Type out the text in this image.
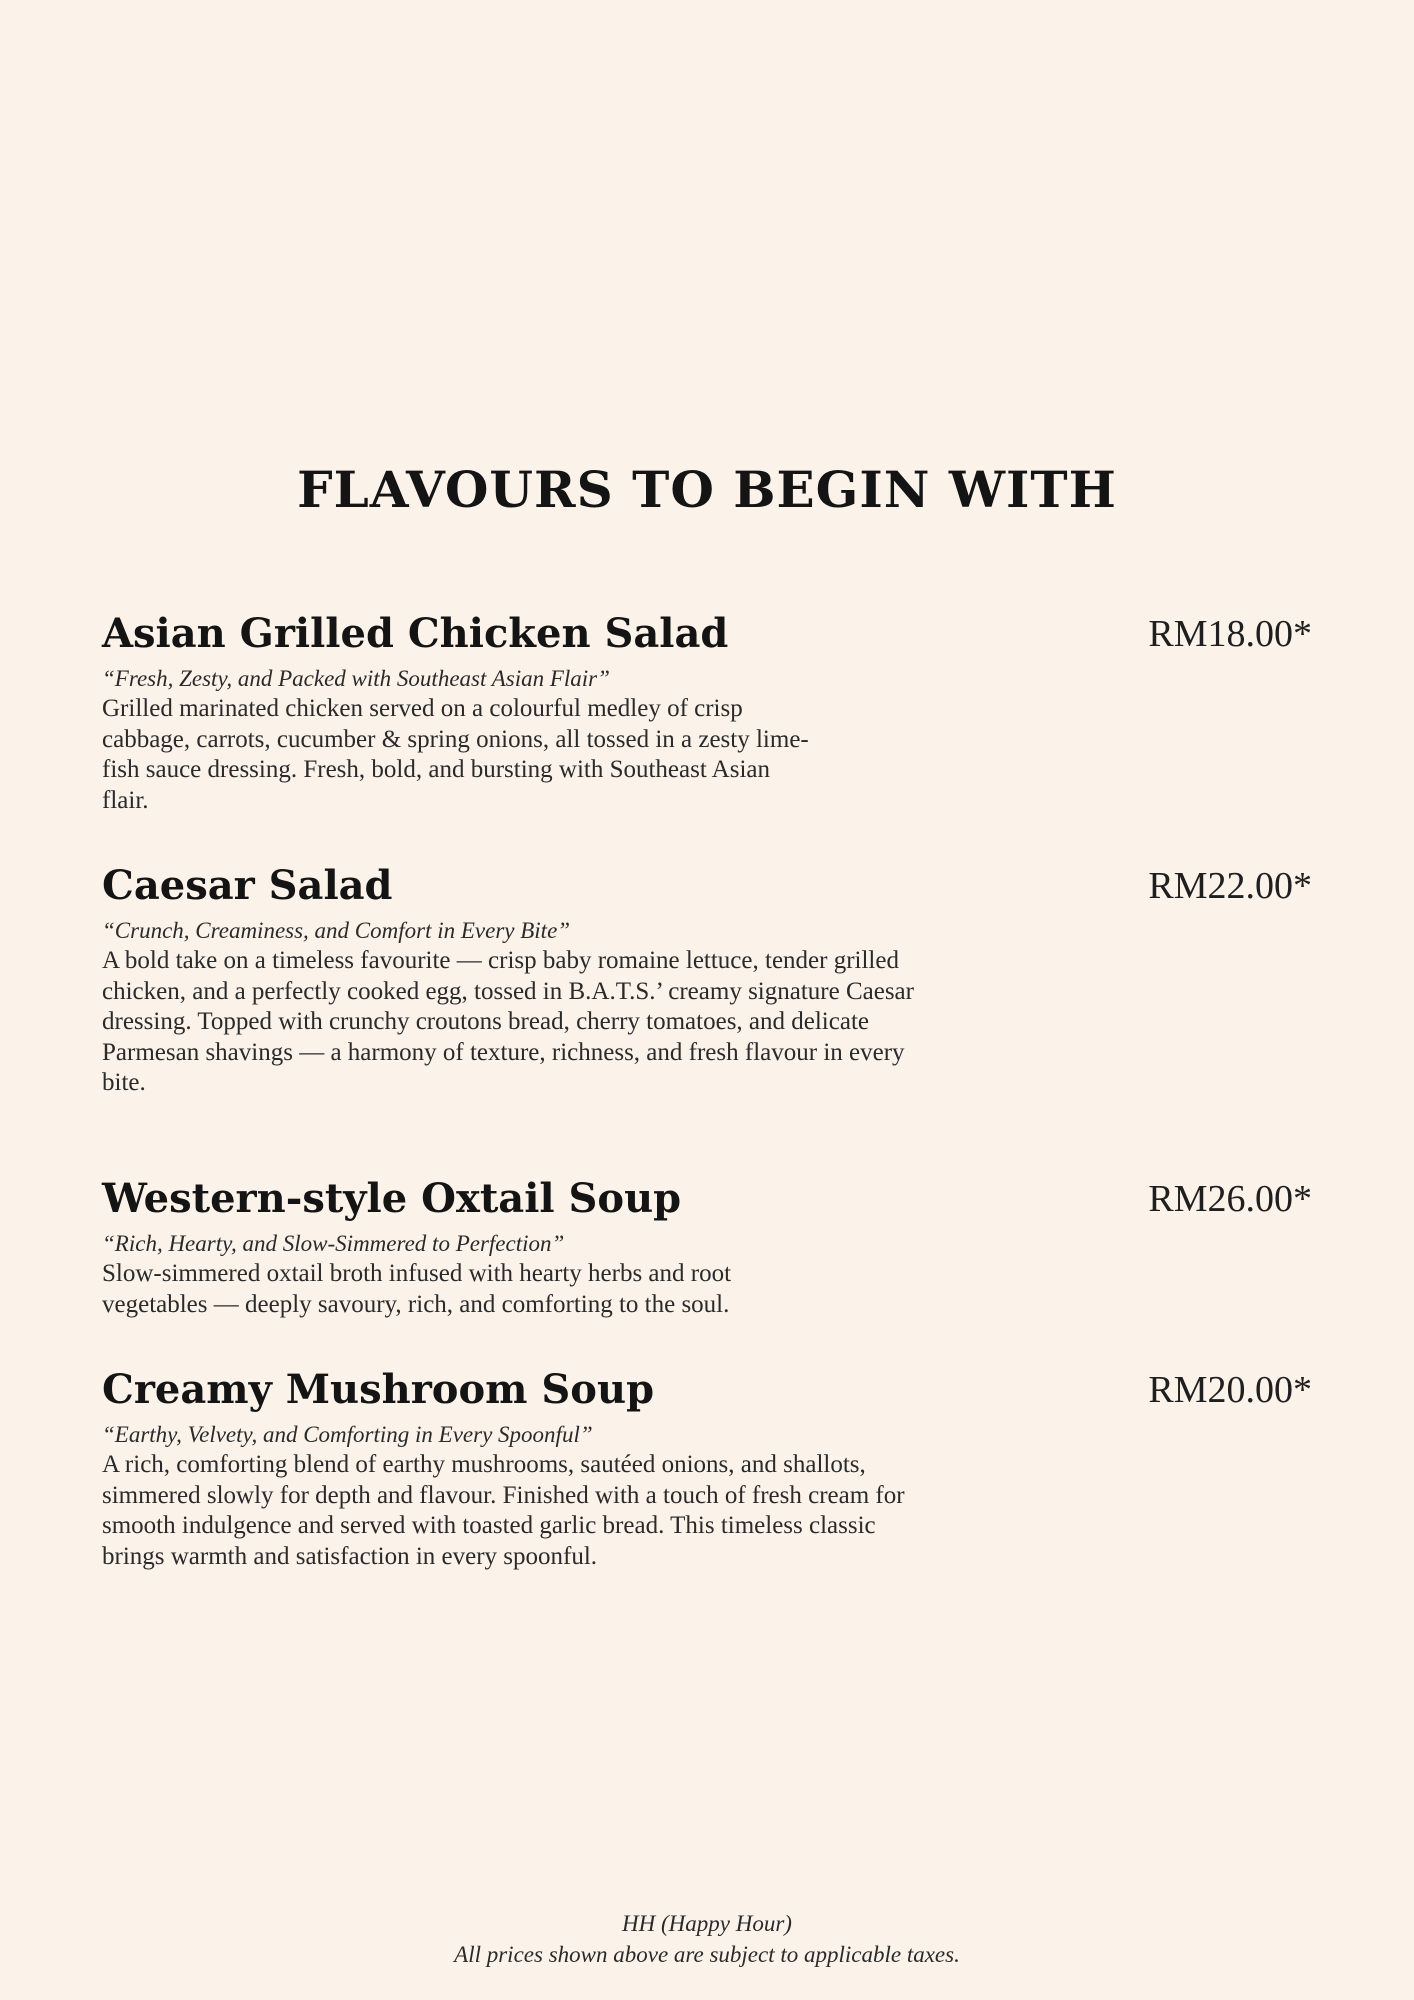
FLAVOURS TO BEGIN WITH
Asian Grilled Chicken Salad	RM18.00*

“Fresh, Zesty, and Packed with Southeast Asian Flair”

Grilled marinated chicken served on a colourful medley of crisp cabbage, carrots, cucumber & spring onions, all tossed in a zesty lime-fish sauce dressing. Fresh, bold, and bursting with Southeast Asian flair.

Caesar Salad	RM22.00*

“Crunch, Creaminess, and Comfort in Every Bite”

A bold take on a timeless favourite — crisp baby romaine lettuce, tender grilled chicken, and a perfectly cooked egg, tossed in B.A.T.S.’ creamy signature Caesar dressing. Topped with crunchy croutons bread, cherry tomatoes, and delicate Parmesan shavings — a harmony of texture, richness, and fresh flavour in every bite.

Western-style Oxtail Soup	RM26.00*

“Rich, Hearty, and Slow-Simmered to Perfection”

Slow-simmered oxtail broth infused with hearty herbs and root vegetables — deeply savoury, rich, and comforting to the soul.

Creamy Mushroom Soup	RM20.00*

“Earthy, Velvety, and Comforting in Every Spoonful”

A rich, comforting blend of earthy mushrooms, sautéed onions, and shallots, simmered slowly for depth and flavour. Finished with a touch of fresh cream for smooth indulgence and served with toasted garlic bread. This timeless classic brings warmth and satisfaction in every spoonful.

HH (Happy Hour)
All prices shown above are subject to applicable taxes.
